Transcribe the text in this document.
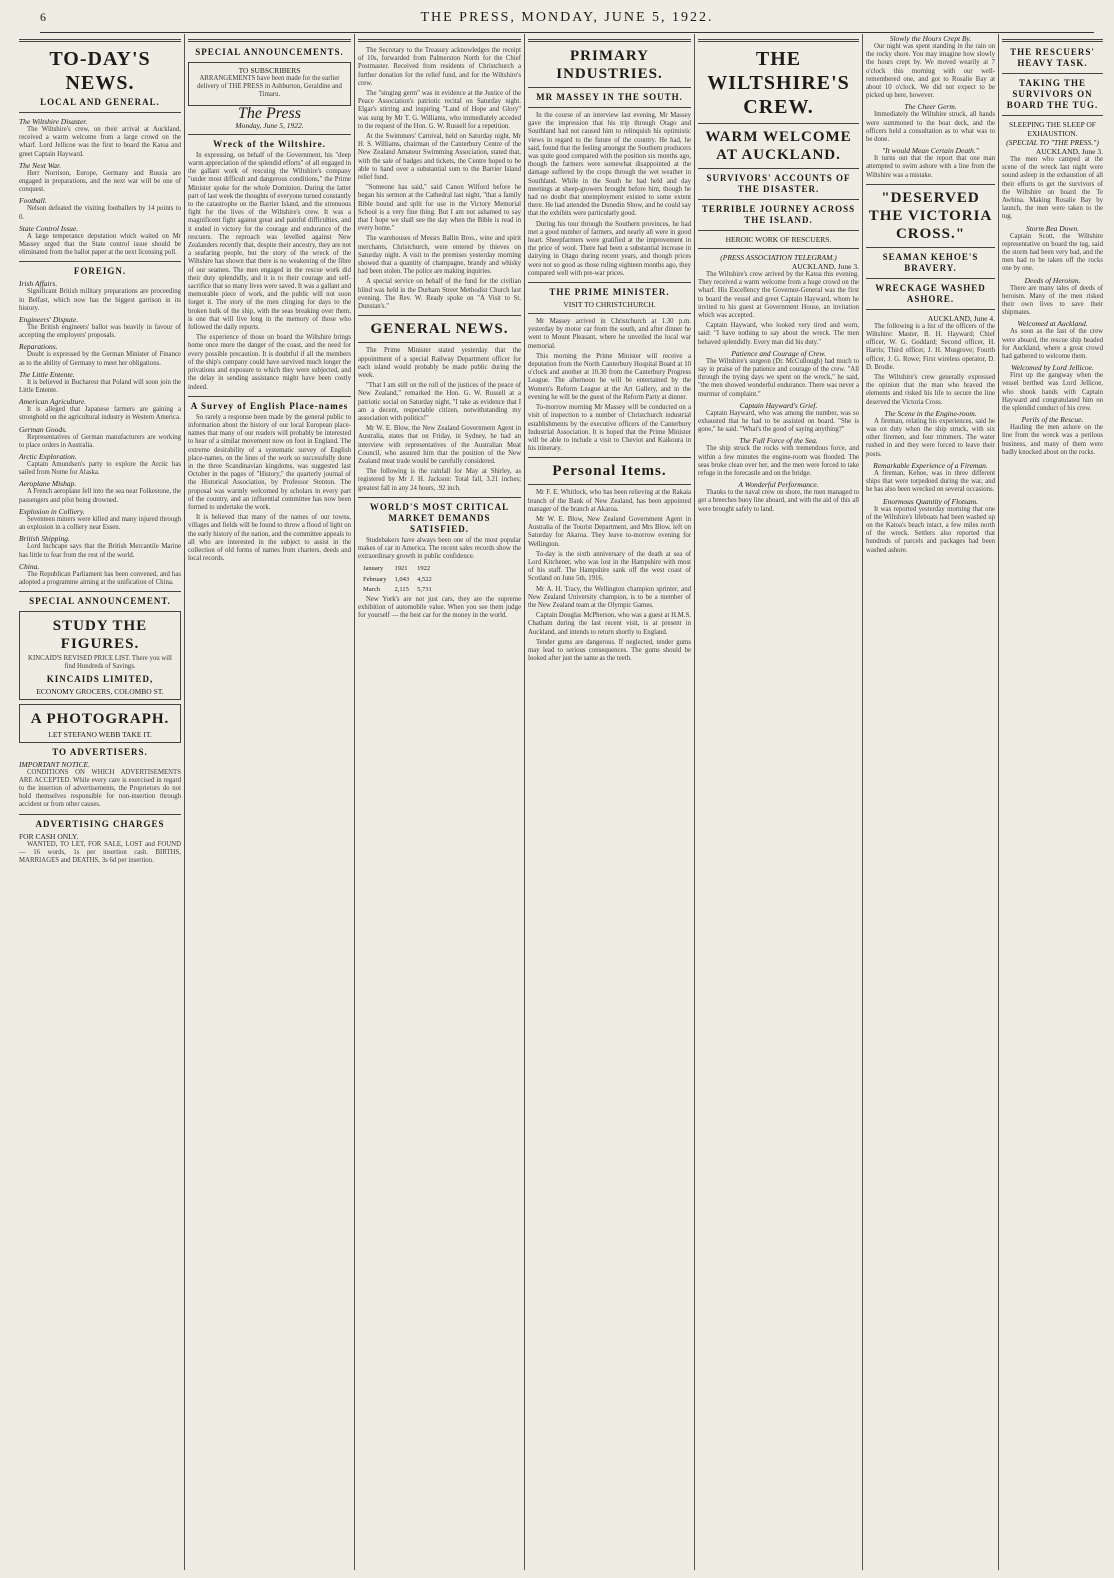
6	THE PRESS, MONDAY, JUNE 5, 1922.
TO-DAY'S NEWS.
LOCAL AND GENERAL.
The Wiltshire Disaster.

The Wiltshire's crew, on their arrival at Auckland, received a warm welcome from a large crowd on the wharf. Lord Jellicoe was the first to board the Katoa and greet Captain Hayward.

The Next War.

Herr Norrison, Europe, Germany and Russia are engaged in preparations, and the next war will be one of conquest.

Football.

Nelson defeated the visiting footballers by 14 points to 0.

State Control Issue.

A large temperance deputation which waited on Mr Massey urged that the State control issue should be eliminated from the ballot paper at the next licensing poll.

FOREIGN.
Irish Affairs.

Significant British military preparations are proceeding in Belfast, which now has the biggest garrison in its history.

Engineers' Dispute.

The British engineers' ballot was heavily in favour of accepting the employers' proposals.

Reparations.

Doubt is expressed by the German Minister of Finance as to the ability of Germany to meet her obligations.

The Little Entente.

It is believed in Bucharest that Poland will soon join the Little Entente.

American Agriculture.

It is alleged that Japanese farmers are gaining a stronghold on the agricultural industry in Western America.

German Goods.

Representatives of German manufacturers are working to place orders in Australia.

Arctic Exploration.

Captain Amundsen's party to explore the Arctic has sailed from Nome for Alaska.

Aeroplane Mishap.

A French aeroplane fell into the sea near Folkestone, the passengers and pilot being drowned.

Explosion in Colliery.

Seventeen miners were killed and many injured through an explosion in a colliery near Essen.

British Shipping.

Lord Inchcape says that the British Mercantile Marine has little to fear from the rest of the world.

China.

The Republican Parliament has been convened, and has adopted a programme aiming at the unification of China.

SPECIAL ANNOUNCEMENT.
STUDY THE FIGURES.

KINCAID'S REVISED PRICE LIST. There you will find Hundreds of Savings.

KINCAIDS LIMITED,
ECONOMY GROCERS, COLOMBO ST.
A PHOTOGRAPH.
LET STEFANO WEBB TAKE IT.
TO ADVERTISERS.
IMPORTANT NOTICE.

CONDITIONS ON WHICH ADVERTISEMENTS ARE ACCEPTED. While every care is exercised in regard to the insertion of advertisements, the Proprietors do not hold themselves responsible for non-insertion through accident or from other causes.

ADVERTISING CHARGES
FOR CASH ONLY.

WANTED, TO LET, FOR SALE, LOST and FOUND — 16 words, 1s per insertion cash. BIRTHS, MARRIAGES and DEATHS, 3s 6d per insertion.

SPECIAL ANNOUNCEMENTS.
TO SUBSCRIBERS

ARRANGEMENTS have been made for the earlier delivery of THE PRESS in Ashburton, Geraldine and Timaru.

The Press
Monday, June 5, 1922.
Wreck of the Wiltshire.

In expressing, on behalf of the Government, his "deep warm appreciation of the splendid efforts" of all engaged in the gallant work of rescuing the Wiltshire's company "under most difficult and dangerous conditions," the Prime Minister spoke for the whole Dominion. During the latter part of last week the thoughts of everyone turned constantly to the catastrophe on the Barrier Island, and the strenuous fight for the lives of the Wiltshire's crew. It was a magnificent fight against great and painful difficulties, and it ended in victory for the courage and endurance of the rescuers. The reproach was levelled against New Zealanders recently that, despite their ancestry, they are not a seafaring people, but the story of the wreck of the Wiltshire has shown that there is no weakening of the fibre of our seamen. The men engaged in the rescue work did their duty splendidly, and it is to their courage and self-sacrifice that so many lives were saved. It was a gallant and memorable piece of work, and the public will not soon forget it. The story of the men clinging for days to the broken hulk of the ship, with the seas breaking over them, is one that will live long in the memory of those who followed the daily reports.

The experience of those on board the Wiltshire brings home once more the danger of the coast, and the need for every possible precaution. It is doubtful if all the members of the ship's company could have survived much longer the privations and exposure to which they were subjected, and the delay in sending assistance might have been costly indeed.

A Survey of English Place-names

So rarely a response been made by the general public to information about the history of our local European place-names that many of our readers will probably be interested to hear of a similar movement now on foot in England. The extreme desirability of a systematic survey of English place-names, on the lines of the work so successfully done in the three Scandinavian kingdoms, was suggested last October in the pages of "History," the quarterly journal of the Historical Association, by Professor Stenton. The proposal was warmly welcomed by scholars in every part of the country, and an influential committee has now been formed to undertake the work.

It is believed that many of the names of our towns, villages and fields will be found to throw a flood of light on the early history of the nation, and the committee appeals to all who are interested in the subject to assist in the collection of old forms of names from charters, deeds and local records.

The Secretary to the Treasury acknowledges the receipt of 10s, forwarded from Palmerston North for the Chief Postmaster. Received from residents of Christchurch a further donation for the relief fund, and for the Wiltshire's crew.

The "singing germ" was in evidence at the Justice of the Peace Association's patriotic recital on Saturday night. Elgar's stirring and inspiring "Land of Hope and Glory" was sung by Mr T. G. Williams, who immediately acceded to the request of the Hon. G. W. Russell for a repetition.

At the Swimmers' Carnival, held on Saturday night, Mr H. S. Williams, chairman of the Canterbury Centre of the New Zealand Amateur Swimming Association, stated that, with the sale of badges and tickets, the Centre hoped to be able to hand over a substantial sum to the Barrier Island relief fund.

"Someone has said," said Canon Wilford before he began his sermon at the Cathedral last night, "that a family Bible bound and split for use in the Victory Memorial School is a very fine thing. But I am not ashamed to say that I hope we shall see the day when the Bible is read in every home."

The warehouses of Messrs Ballin Bros., wine and spirit merchants, Christchurch, were entered by thieves on Saturday night. A visit to the premises yesterday morning showed that a quantity of champagne, brandy and whisky had been stolen. The police are making inquiries.

A special service on behalf of the fund for the civilian blind was held in the Durham Street Methodist Church last evening. The Rev. W. Ready spoke on "A Visit to St. Dunstan's."

GENERAL NEWS.

The Prime Minister stated yesterday that the appointment of a special Railway Department officer for each island would probably be made public during the week.

"That I am still on the roll of the justices of the peace of New Zealand," remarked the Hon. G. W. Russell at a patriotic social on Saturday night, "I take as evidence that I am a decent, respectable citizen, notwithstanding my association with politics!"

Mr W. E. Blow, the New Zealand Government Agent in Australia, states that on Friday, in Sydney, he had an interview with representatives of the Australian Meat Council, who assured him that the position of the New Zealand meat trade would be carefully considered.

The following is the rainfall for May at Shirley, as registered by Mr J. H. Jackson: Total fall, 3.21 inches; greatest fall in any 24 hours, .92 inch.

WORLD'S MOST CRITICAL MARKET DEMANDS SATISFIED.

Studebakers have always been one of the most popular makes of car in America. The recent sales records show the extraordinary growth in public confidence.

January	1921	1922
February	1,043	4,522
March	2,115	5,731

New York's are not just cars, they are the supreme exhibition of automobile value. When you see them judge for yourself — the best car for the money in the world.

PRIMARY INDUSTRIES.
MR MASSEY IN THE SOUTH.

In the course of an interview last evening, Mr Massey gave the impression that his trip through Otago and Southland had not caused him to relinquish his optimistic views in regard to the future of the country. He had, he said, found that the feeling amongst the Southern producers was quite good compared with the position six months ago, though the farmers were somewhat disappointed at the damage suffered by the crops through the wet weather in Southland. While in the South he had held and day meetings at sheep-growers brought before him, though he had no doubt that unemployment existed to some extent there. He had attended the Dunedin Show, and he could say that the exhibits were particularly good.

During his tour through the Southern provinces, he had met a good number of farmers, and nearly all were in good heart. Sheepfarmers were gratified at the improvement in the price of wool. There had been a substantial increase in dairying in Otago during recent years, and though prices were not so good as those ruling eighteen months ago, they compared well with pre-war prices.

THE PRIME MINISTER.
VISIT TO CHRISTCHURCH.

Mr Massey arrived in Christchurch at 1.30 p.m. yesterday by motor car from the south, and after dinner he went to Mount Pleasant, where he unveiled the local war memorial.

This morning the Prime Minister will receive a deputation from the North Canterbury Hospital Board at 10 o'clock and another at 10.30 from the Canterbury Progress League. The afternoon he will be entertained by the Women's Reform League at the Art Gallery, and in the evening he will be the guest of the Reform Party at dinner.

To-morrow morning Mr Massey will be conducted on a visit of inspection to a number of Christchurch industrial establishments by the executive officers of the Canterbury Industrial Association. It is hoped that the Prime Minister will be able to include a visit to Cheviot and Kaikoura in his itinerary.

Personal Items.

Mr F. E. Whitlock, who has been relieving at the Rakaia branch of the Bank of New Zealand, has been appointed manager of the branch at Akaroa.

Mr W. E. Blow, New Zealand Government Agent in Australia of the Tourist Department, and Mrs Blow, left on Saturday for Akaroa. They leave to-morrow evening for Wellington.

To-day is the sixth anniversary of the death at sea of Lord Kitchener, who was lost in the Hampshire with most of his staff. The Hampshire sank off the west coast of Scotland on June 5th, 1916.

Mr A. H. Tracy, the Wellington champion sprinter, and New Zealand University champion, is to be a member of the New Zealand team at the Olympic Games.

Captain Douglas McPherson, who was a guest at H.M.S. Chatham during the last recent visit, is at present in Auckland, and intends to return shortly to England.

Tender gums are dangerous. If neglected, tender gums may lead to serious consequences. The gums should be looked after just the same as the teeth.

THE WILTSHIRE'S CREW.
WARM WELCOME AT AUCKLAND.
SURVIVORS' ACCOUNTS OF THE DISASTER.
TERRIBLE JOURNEY ACROSS THE ISLAND.
HEROIC WORK OF RESCUERS.
(PRESS ASSOCIATION TELEGRAM.)
AUCKLAND, June 3.

The Wiltshire's crew arrived by the Katoa this evening. They received a warm welcome from a huge crowd on the wharf. His Excellency the Governor-General was the first to board the vessel and greet Captain Hayward, whom he invited to his guest at Government House, an invitation which was accepted.

Captain Hayward, who looked very tired and worn, said: "I have nothing to say about the wreck. The men behaved splendidly. Every man did his duty."

Patience and Courage of Crew.

The Wiltshire's surgeon (Dr. McCullough) had much to say in praise of the patience and courage of the crew. "All through the trying days we spent on the wreck," he said, "the men showed wonderful endurance. There was never a murmur of complaint."

Captain Hayward's Grief.

Captain Hayward, who was among the number, was so exhausted that he had to be assisted on board. "She is gone," he said. "What's the good of saying anything?"

The Full Force of the Sea.

The ship struck the rocks with tremendous force, and within a few minutes the engine-room was flooded. The seas broke clean over her, and the men were forced to take refuge in the forecastle and on the bridge.

A Wonderful Performance.

Thanks to the naval crew on shore, the men managed to get a breeches buoy line aboard, and with the aid of this all were brought safely to land.

Slowly the Hours Crept By.

Our night was spent standing in the rain on the rocky shore. You may imagine how slowly the hours crept by. We moved wearily at 7 o'clock this morning with our well-remembered one, and got to Rosalie Bay at about 10 o'clock. We did not expect to be picked up here, however.

The Cheer Germ.

Immediately the Wiltshire struck, all hands were summoned to the boat deck, and the officers held a consultation as to what was to be done.

"It would Mean Certain Death."

It turns out that the report that one man attempted to swim ashore with a line from the Wiltshire was a mistake.

"DESERVED THE VICTORIA CROSS."
SEAMAN KEHOE'S BRAVERY.
WRECKAGE WASHED ASHORE.
AUCKLAND, June 4.

The following is a list of the officers of the Wiltshire: Master, B. H. Hayward; Chief officer, W. G. Goddard; Second officer, H. Harris; Third officer, J. H. Musgrove; Fourth officer, J. G. Rowe; First wireless operator, D. D. Brodie.

The Wiltshire's crew generally expressed the opinion that the man who braved the elements and risked his life to secure the line deserved the Victoria Cross.

The Scene in the Engine-room.

A fireman, relating his experiences, said he was on duty when the ship struck, with six other firemen, and four trimmers. The water rushed in and they were forced to leave their posts.

Remarkable Experience of a Fireman.

A fireman, Kehoe, was in three different ships that were torpedoed during the war, and he has also been wrecked on several occasions.

Enormous Quantity of Flotsam.

It was reported yesterday morning that one of the Wiltshire's lifeboats had been washed up on the Katoa's beach intact, a few miles north of the wreck. Settlers also reported that hundreds of parcels and packages had been washed ashore.

THE RESCUERS' HEAVY TASK.
TAKING THE SURVIVORS ON BOARD THE TUG.
SLEEPING THE SLEEP OF EXHAUSTION.
(SPECIAL TO "THE PRESS.")
AUCKLAND, June 3.

The men who camped at the scene of the wreck last night were sound asleep in the exhaustion of all their efforts to get the survivors of the Wiltshire on board the Te Awhina. Making Rosalie Bay by launch, the men were taken to the tug.

Storm Bea Down.

Captain Scott, the Wiltshire representative on board the tug, said the storm had been very bad, and the men had to be taken off the rocks one by one.

Deeds of Heroism.

There are many tales of deeds of heroism. Many of the men risked their own lives to save their shipmates.

Welcomed at Auckland.

As soon as the last of the crew were aboard, the rescue ship headed for Auckland, where a great crowd had gathered to welcome them.

Welcomed by Lord Jellicoe.

First up the gangway when the vessel berthed was Lord Jellicoe, who shook hands with Captain Hayward and congratulated him on the splendid conduct of his crew.

Perils of the Rescue.

Hauling the men ashore on the line from the wreck was a perilous business, and many of them were badly knocked about on the rocks.
